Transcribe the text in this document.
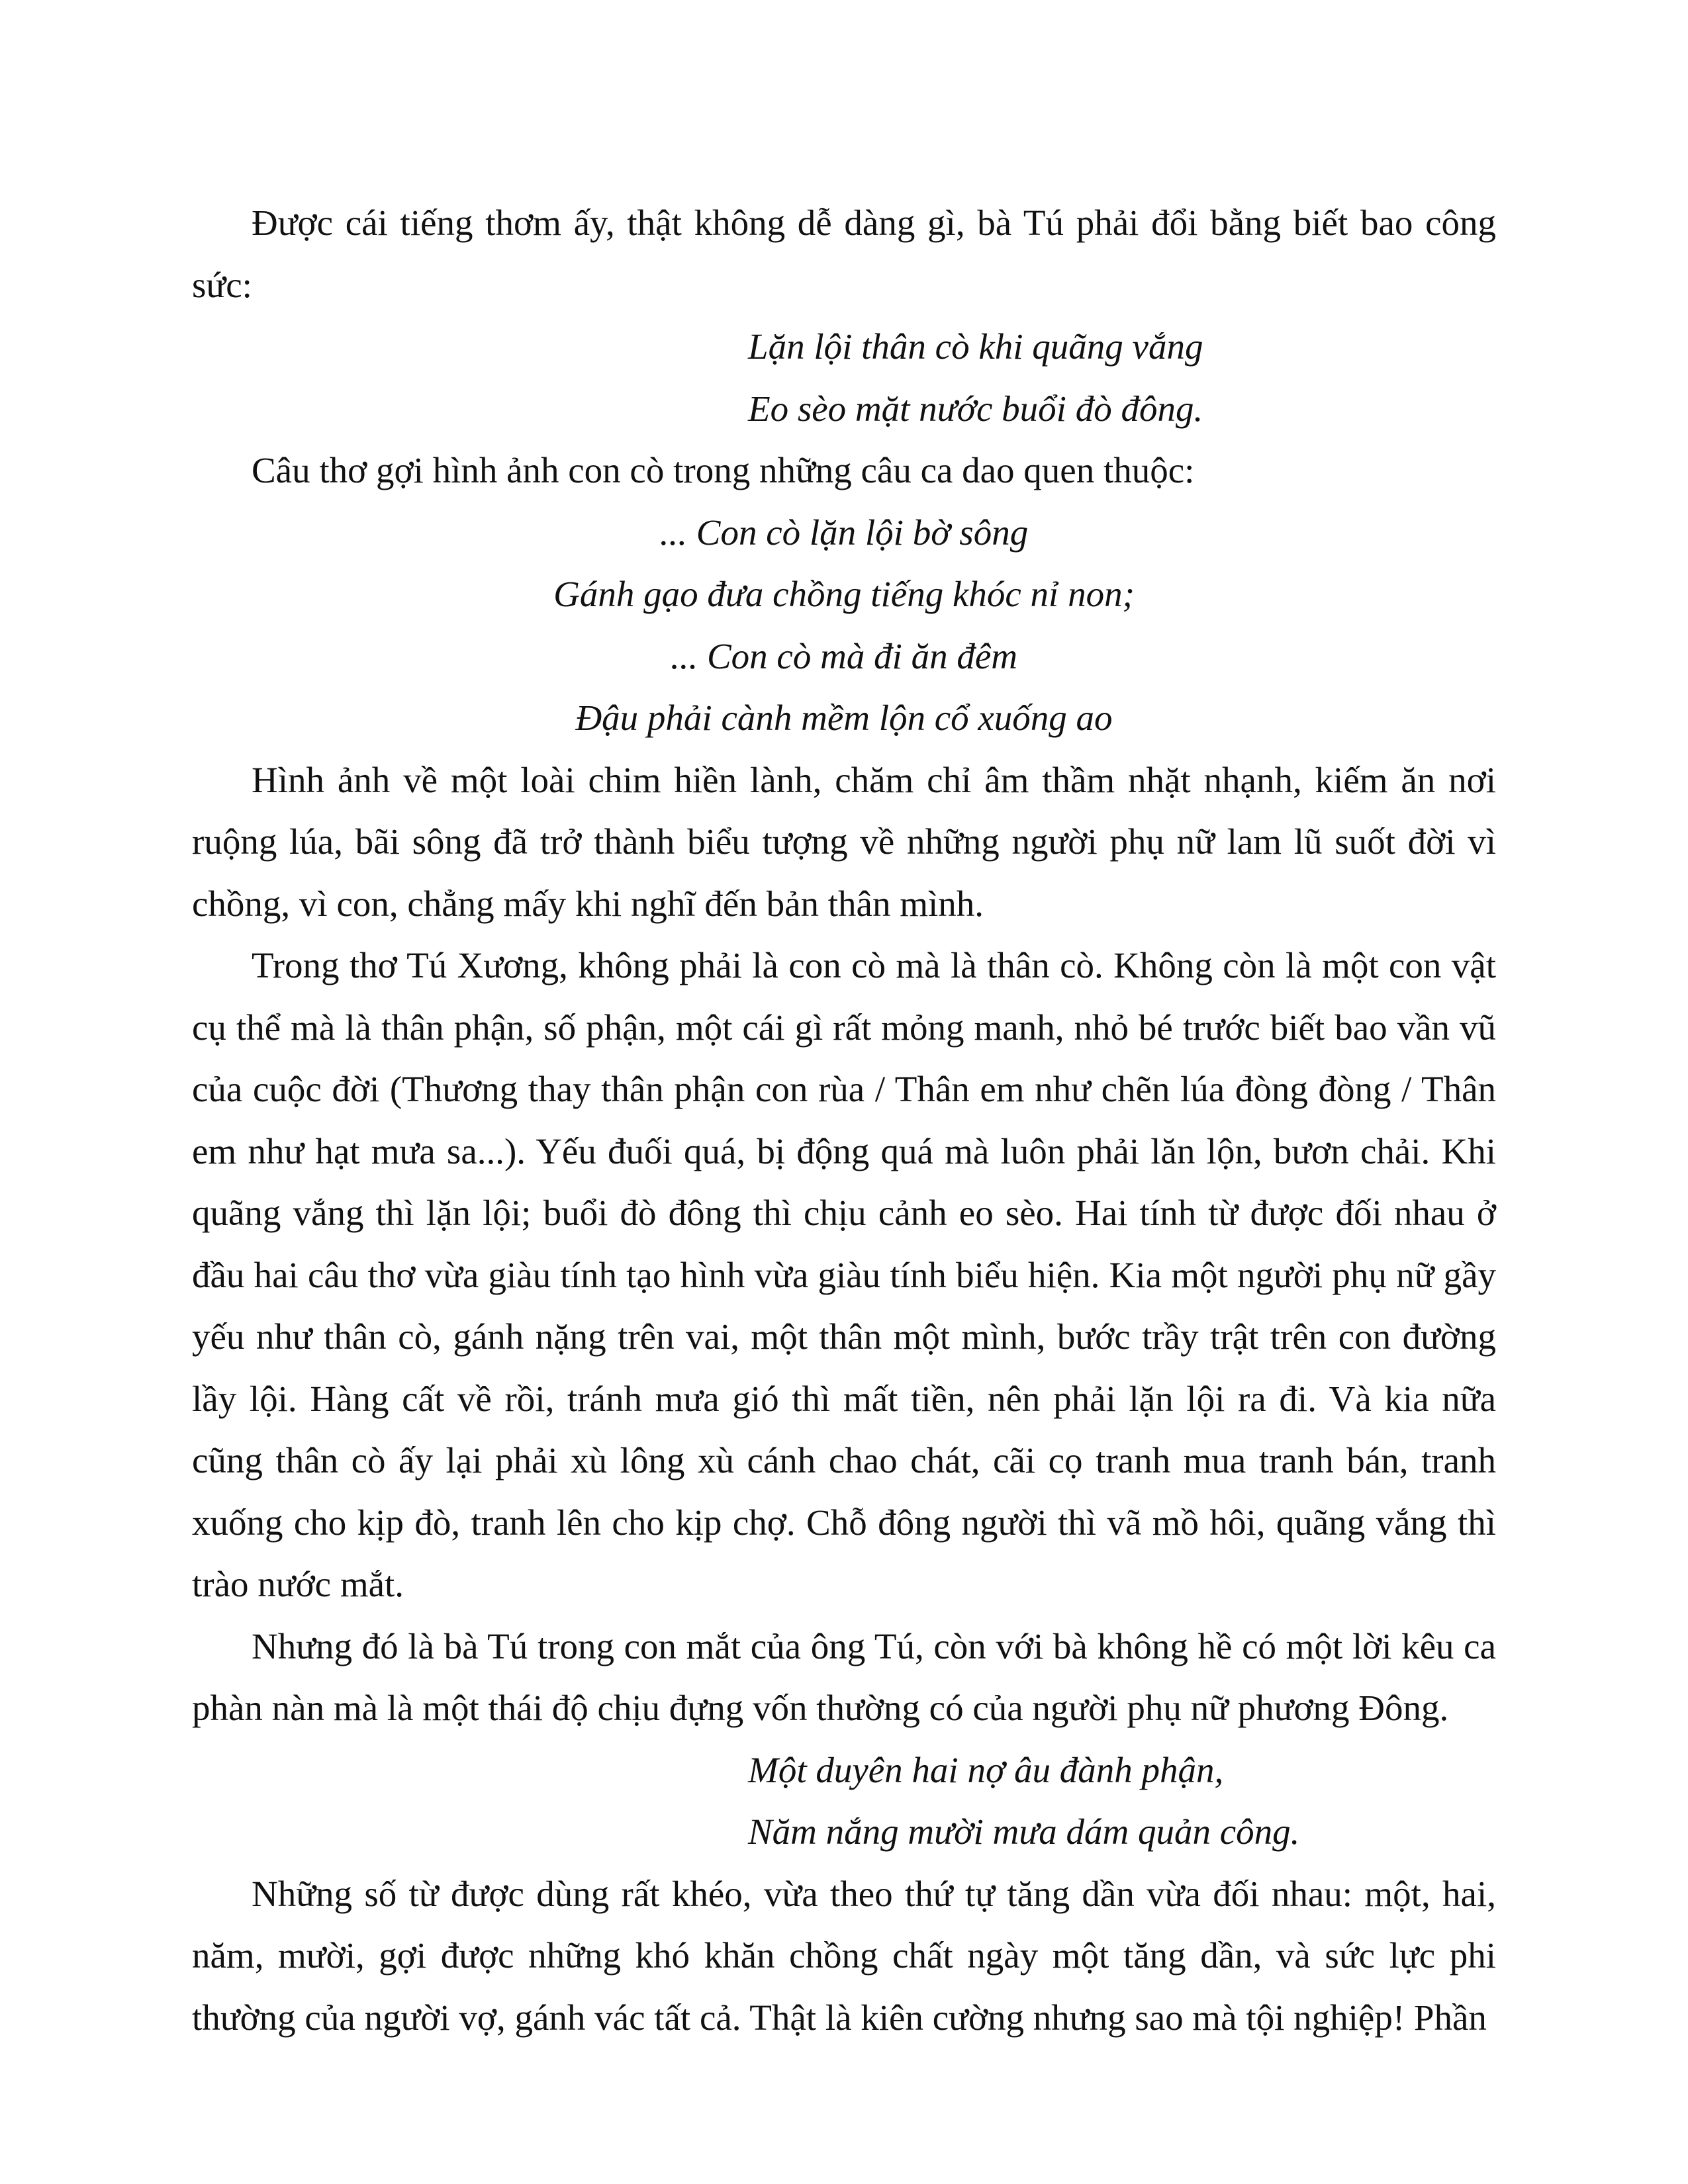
Được cái tiếng thơm ấy, thật không dễ dàng gì, bà Tú phải đổi bằng biết bao công sức:

Lặn lội thân cò khi quãng vắng
Eo sèo mặt nước buổi đò đông.

Câu thơ gợi hình ảnh con cò trong những câu ca dao quen thuộc:

... Con cò lặn lội bờ sông
Gánh gạo đưa chồng tiếng khóc nỉ non;
... Con cò mà đi ăn đêm
Đậu phải cành mềm lộn cổ xuống ao

Hình ảnh về một loài chim hiền lành, chăm chỉ âm thầm nhặt nhạnh, kiếm ăn nơi ruộng lúa, bãi sông đã trở thành biểu tượng về những người phụ nữ lam lũ suốt đời vì chồng, vì con, chẳng mấy khi nghĩ đến bản thân mình.

Trong thơ Tú Xương, không phải là con cò mà là thân cò. Không còn là một con vật cụ thể mà là thân phận, số phận, một cái gì rất mỏng manh, nhỏ bé trước biết bao vần vũ của cuộc đời (Thương thay thân phận con rùa / Thân em như chẽn lúa đòng đòng / Thân em như hạt mưa sa...). Yếu đuối quá, bị động quá mà luôn phải lăn lộn, bươn chải. Khi quãng vắng thì lặn lội; buổi đò đông thì chịu cảnh eo sèo. Hai tính từ được đối nhau ở đầu hai câu thơ vừa giàu tính tạo hình vừa giàu tính biểu hiện. Kia một người phụ nữ gầy yếu như thân cò, gánh nặng trên vai, một thân một mình, bước trầy trật trên con đường lầy lội. Hàng cất về rồi, tránh mưa gió thì mất tiền, nên phải lặn lội ra đi. Và kia nữa cũng thân cò ấy lại phải xù lông xù cánh chao chát, cãi cọ tranh mua tranh bán, tranh xuống cho kịp đò, tranh lên cho kịp chợ. Chỗ đông người thì vã mồ hôi, quãng vắng thì trào nước mắt.

Nhưng đó là bà Tú trong con mắt của ông Tú, còn với bà không hề có một lời kêu ca phàn nàn mà là một thái độ chịu đựng vốn thường có của người phụ nữ phương Đông.

Một duyên hai nợ âu đành phận,
Năm nắng mười mưa dám quản công.

Những số từ được dùng rất khéo, vừa theo thứ tự tăng dần vừa đối nhau: một, hai, năm, mười, gợi được những khó khăn chồng chất ngày một tăng dần, và sức lực phi thường của người vợ, gánh vác tất cả. Thật là kiên cường nhưng sao mà tội nghiệp! Phần
